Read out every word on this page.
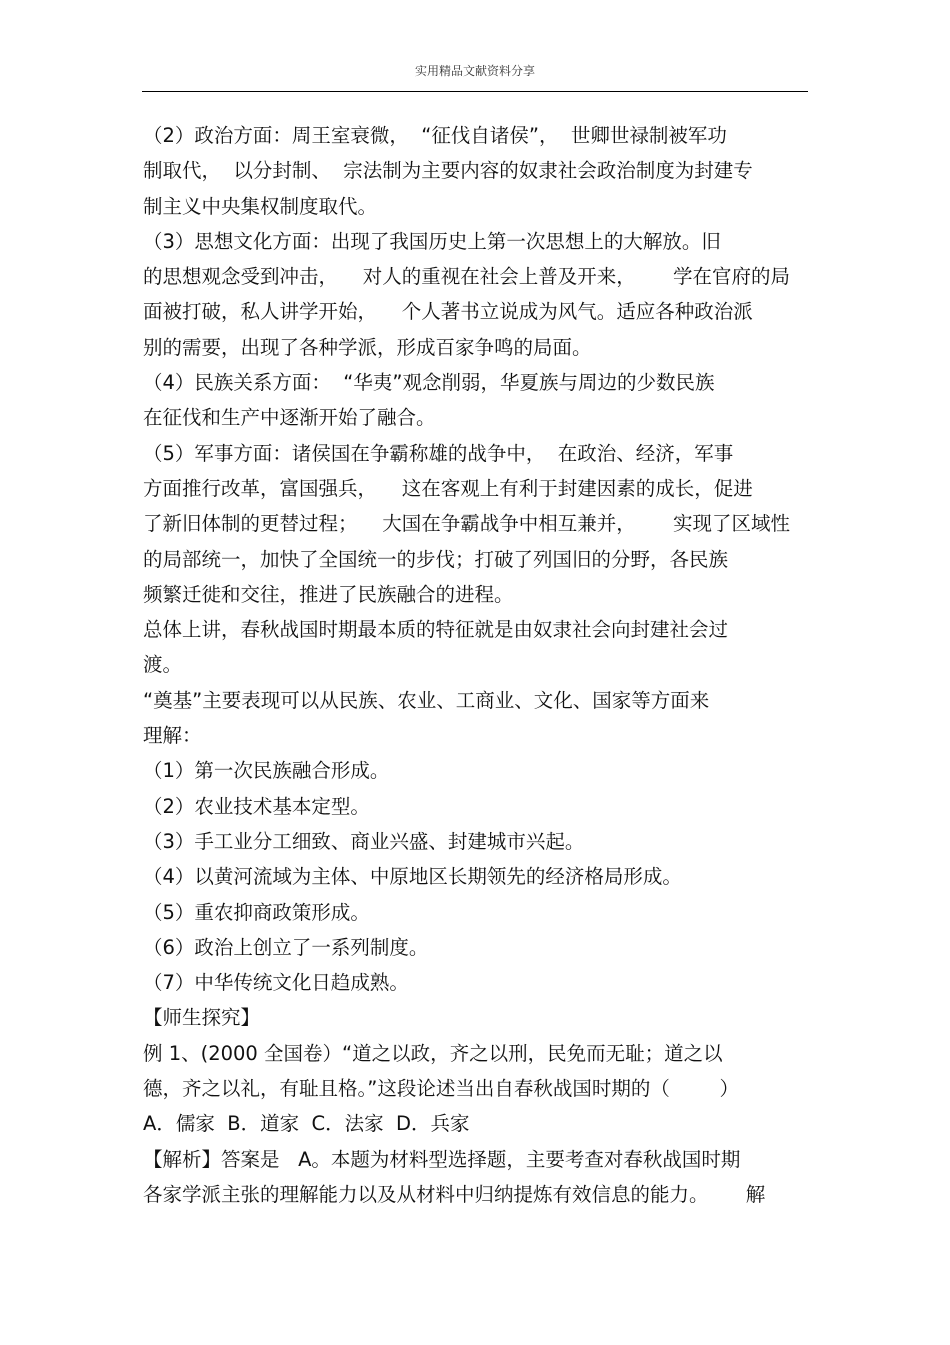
实用精品文献资料分享
（2）政治方面：周王室衰微，  “征伐自诸侯”，  世卿世禄制被军功
制取代，  以分封制、  宗法制为主要内容的奴隶社会政治制度为封建专
制主义中央集权制度取代。
（3）思想文化方面：出现了我国历史上第一次思想上的大解放。旧
的思想观念受到冲击，    对人的重视在社会上普及开来，      学在官府的局
面被打破，私人讲学开始，    个人著书立说成为风气。适应各种政治派
别的需要，出现了各种学派，形成百家争鸣的局面。
（4）民族关系方面：  “华夷”观念削弱，华夏族与周边的少数民族
在征伐和生产中逐渐开始了融合。
（5）军事方面：诸侯国在争霸称雄的战争中，  在政治、经济，军事
方面推行改革，富国强兵，    这在客观上有利于封建因素的成长，促进
了新旧体制的更替过程；    大国在争霸战争中相互兼并，      实现了区域性
的局部统一，加快了全国统一的步伐；打破了列国旧的分野，各民族
频繁迁徙和交往，推进了民族融合的进程。
总体上讲，春秋战国时期最本质的特征就是由奴隶社会向封建社会过
渡。
“奠基”主要表现可以从民族、农业、工商业、文化、国家等方面来
理解：
（1）第一次民族融合形成。
（2）农业技术基本定型。
（3）手工业分工细致、商业兴盛、封建城市兴起。
（4）以黄河流域为主体、中原地区长期领先的经济格局形成。
（5）重农抑商政策形成。
（6）政治上创立了一系列制度。
（7）中华传统文化日趋成熟。
【师生探究】
例 1、(2000 全国卷）“道之以政，齐之以刑，民免而无耻；道之以
德，齐之以礼，有耻且格。”这段论述当出自春秋战国时期的（        ）
A．儒家  B．道家  C．法家  D．兵家
【解析】答案是   A。本题为材料型选择题，主要考查对春秋战国时期
各家学派主张的理解能力以及从材料中归纳提炼有效信息的能力。      解
